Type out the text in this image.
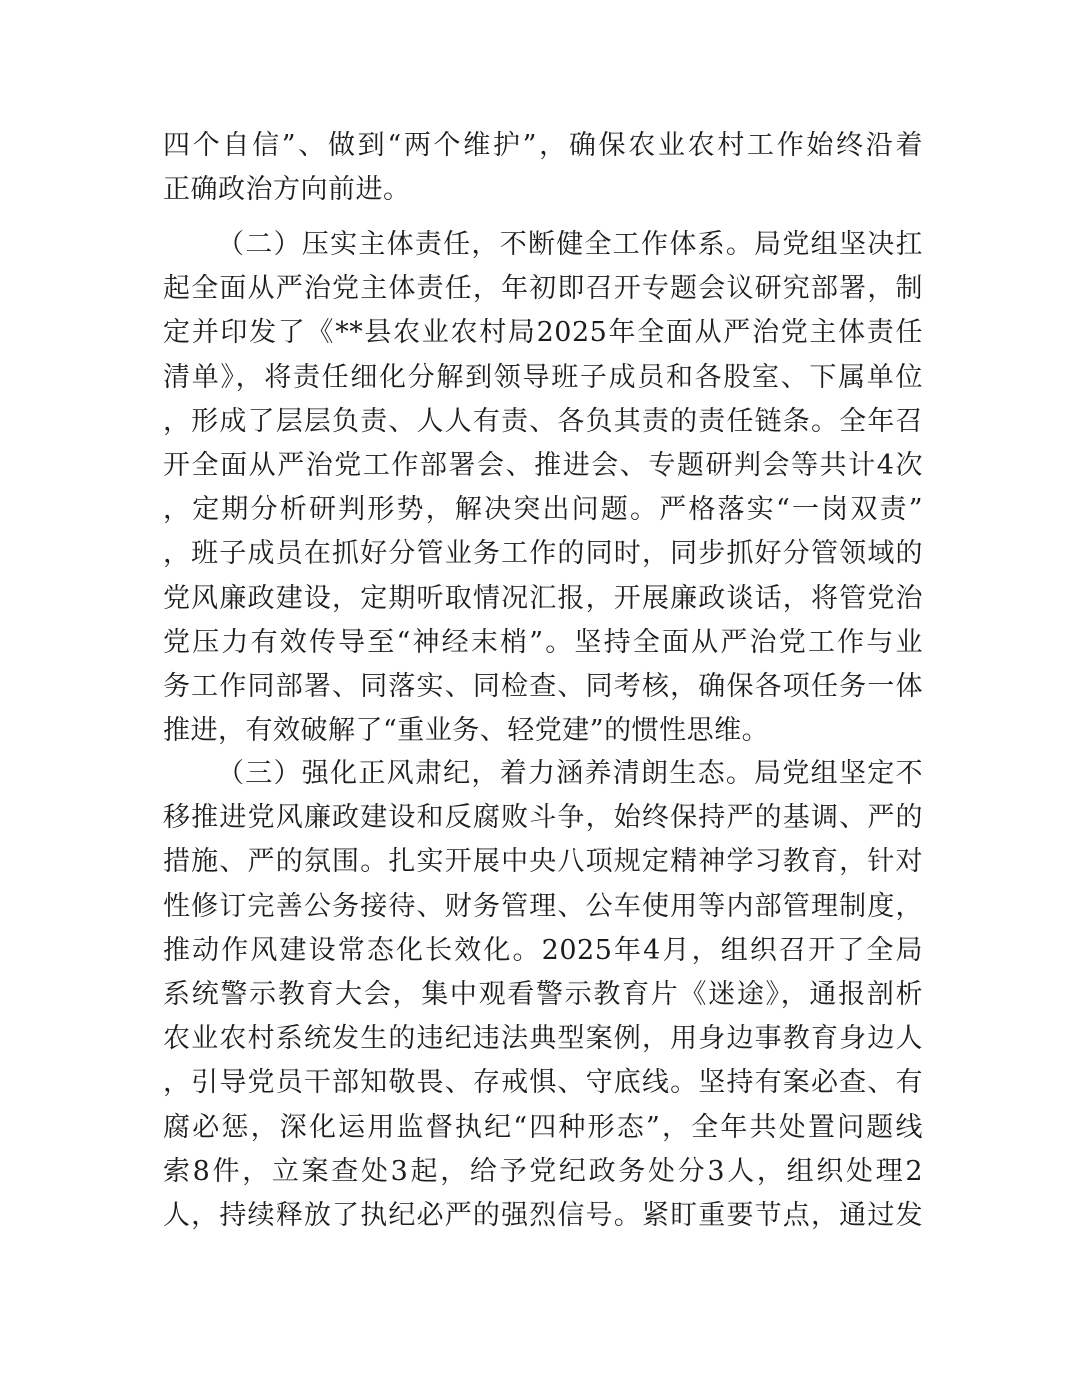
四个自信”、做到“两个维护”，确保农业农村工作始终沿着
正确政治方向前进。
（二）压实主体责任，不断健全工作体系。局党组坚决扛
起全面从严治党主体责任，年初即召开专题会议研究部署，制
定并印发了《**县农业农村局2025年全面从严治党主体责任
清单》，将责任细化分解到领导班子成员和各股室、下属单位
，形成了层层负责、人人有责、各负其责的责任链条。全年召
开全面从严治党工作部署会、推进会、专题研判会等共计4次
，定期分析研判形势，解决突出问题。严格落实“一岗双责”
，班子成员在抓好分管业务工作的同时，同步抓好分管领域的
党风廉政建设，定期听取情况汇报，开展廉政谈话，将管党治
党压力有效传导至“神经末梢”。坚持全面从严治党工作与业
务工作同部署、同落实、同检查、同考核，确保各项任务一体
推进，有效破解了“重业务、轻党建”的惯性思维。
（三）强化正风肃纪，着力涵养清朗生态。局党组坚定不
移推进党风廉政建设和反腐败斗争，始终保持严的基调、严的
措施、严的氛围。扎实开展中央八项规定精神学习教育，针对
性修订完善公务接待、财务管理、公车使用等内部管理制度，
推动作风建设常态化长效化。2025年4月，组织召开了全局
系统警示教育大会，集中观看警示教育片《迷途》，通报剖析
农业农村系统发生的违纪违法典型案例，用身边事教育身边人
，引导党员干部知敬畏、存戒惧、守底线。坚持有案必查、有
腐必惩，深化运用监督执纪“四种形态”，全年共处置问题线
索8件，立案查处3起，给予党纪政务处分3人，组织处理2
人，持续释放了执纪必严的强烈信号。紧盯重要节点，通过发
